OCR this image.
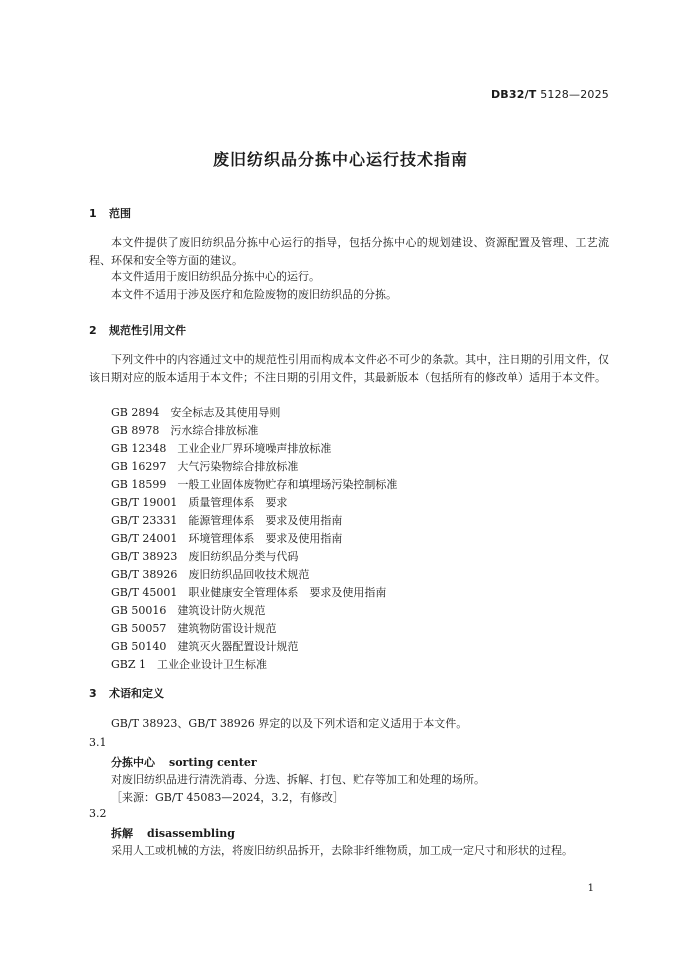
DB32/T 5128—2025
废旧纺织品分拣中心运行技术指南
1 范围
本文件提供了废旧纺织品分拣中心运行的指导，包括分拣中心的规划建设、资源配置及管理、工艺流程、环保和安全等方面的建议。
本文件适用于废旧纺织品分拣中心的运行。
本文件不适用于涉及医疗和危险废物的废旧纺织品的分拣。
2 规范性引用文件
下列文件中的内容通过文中的规范性引用而构成本文件必不可少的条款。其中，注日期的引用文件，仅该日期对应的版本适用于本文件；不注日期的引用文件，其最新版本（包括所有的修改单）适用于本文件。
GB 2894 安全标志及其使用导则
GB 8978 污水综合排放标准
GB 12348 工业企业厂界环境噪声排放标准
GB 16297 大气污染物综合排放标准
GB 18599 一般工业固体废物贮存和填埋场污染控制标准
GB/T 19001 质量管理体系　要求
GB/T 23331 能源管理体系　要求及使用指南
GB/T 24001 环境管理体系　要求及使用指南
GB/T 38923 废旧纺织品分类与代码
GB/T 38926 废旧纺织品回收技术规范
GB/T 45001 职业健康安全管理体系　要求及使用指南
GB 50016 建筑设计防火规范
GB 50057 建筑物防雷设计规范
GB 50140 建筑灭火器配置设计规范
GBZ 1 工业企业设计卫生标准
3 术语和定义
GB/T 38923、GB/T 38926 界定的以及下列术语和定义适用于本文件。
3.1
分拣中心 sorting center
对废旧纺织品进行清洗消毒、分选、拆解、打包、贮存等加工和处理的场所。
［来源：GB/T 45083—2024，3.2，有修改］
3.2
拆解 disassembling
采用人工或机械的方法，将废旧纺织品拆开，去除非纤维物质，加工成一定尺寸和形状的过程。
1
